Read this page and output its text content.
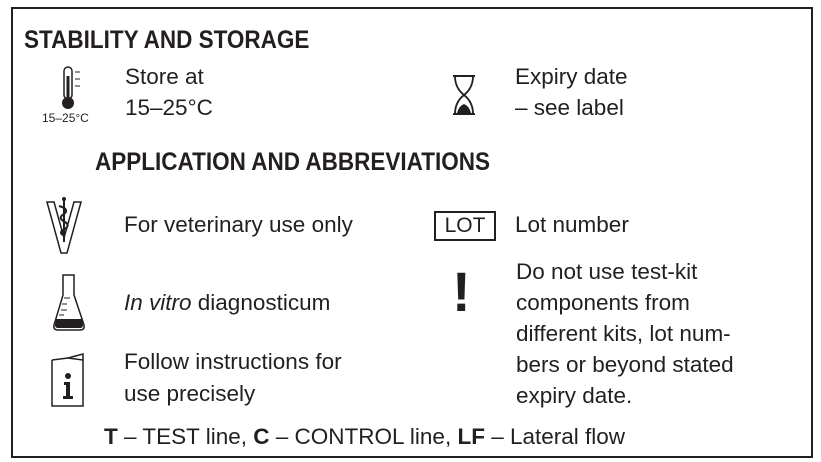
STABILITY AND STORAGE
15–25°C
Store at
15–25°C
Expiry date
– see label
APPLICATION AND ABBREVIATIONS
For veterinary use only	LOT	Lot number
In vitro diagnosticum
Follow instructions for
use precisely
! Do not use test-kit
components from
different kits, lot num-
bers or beyond stated
expiry date.
T – TEST line, C – CONTROL line, LF – Lateral flow
